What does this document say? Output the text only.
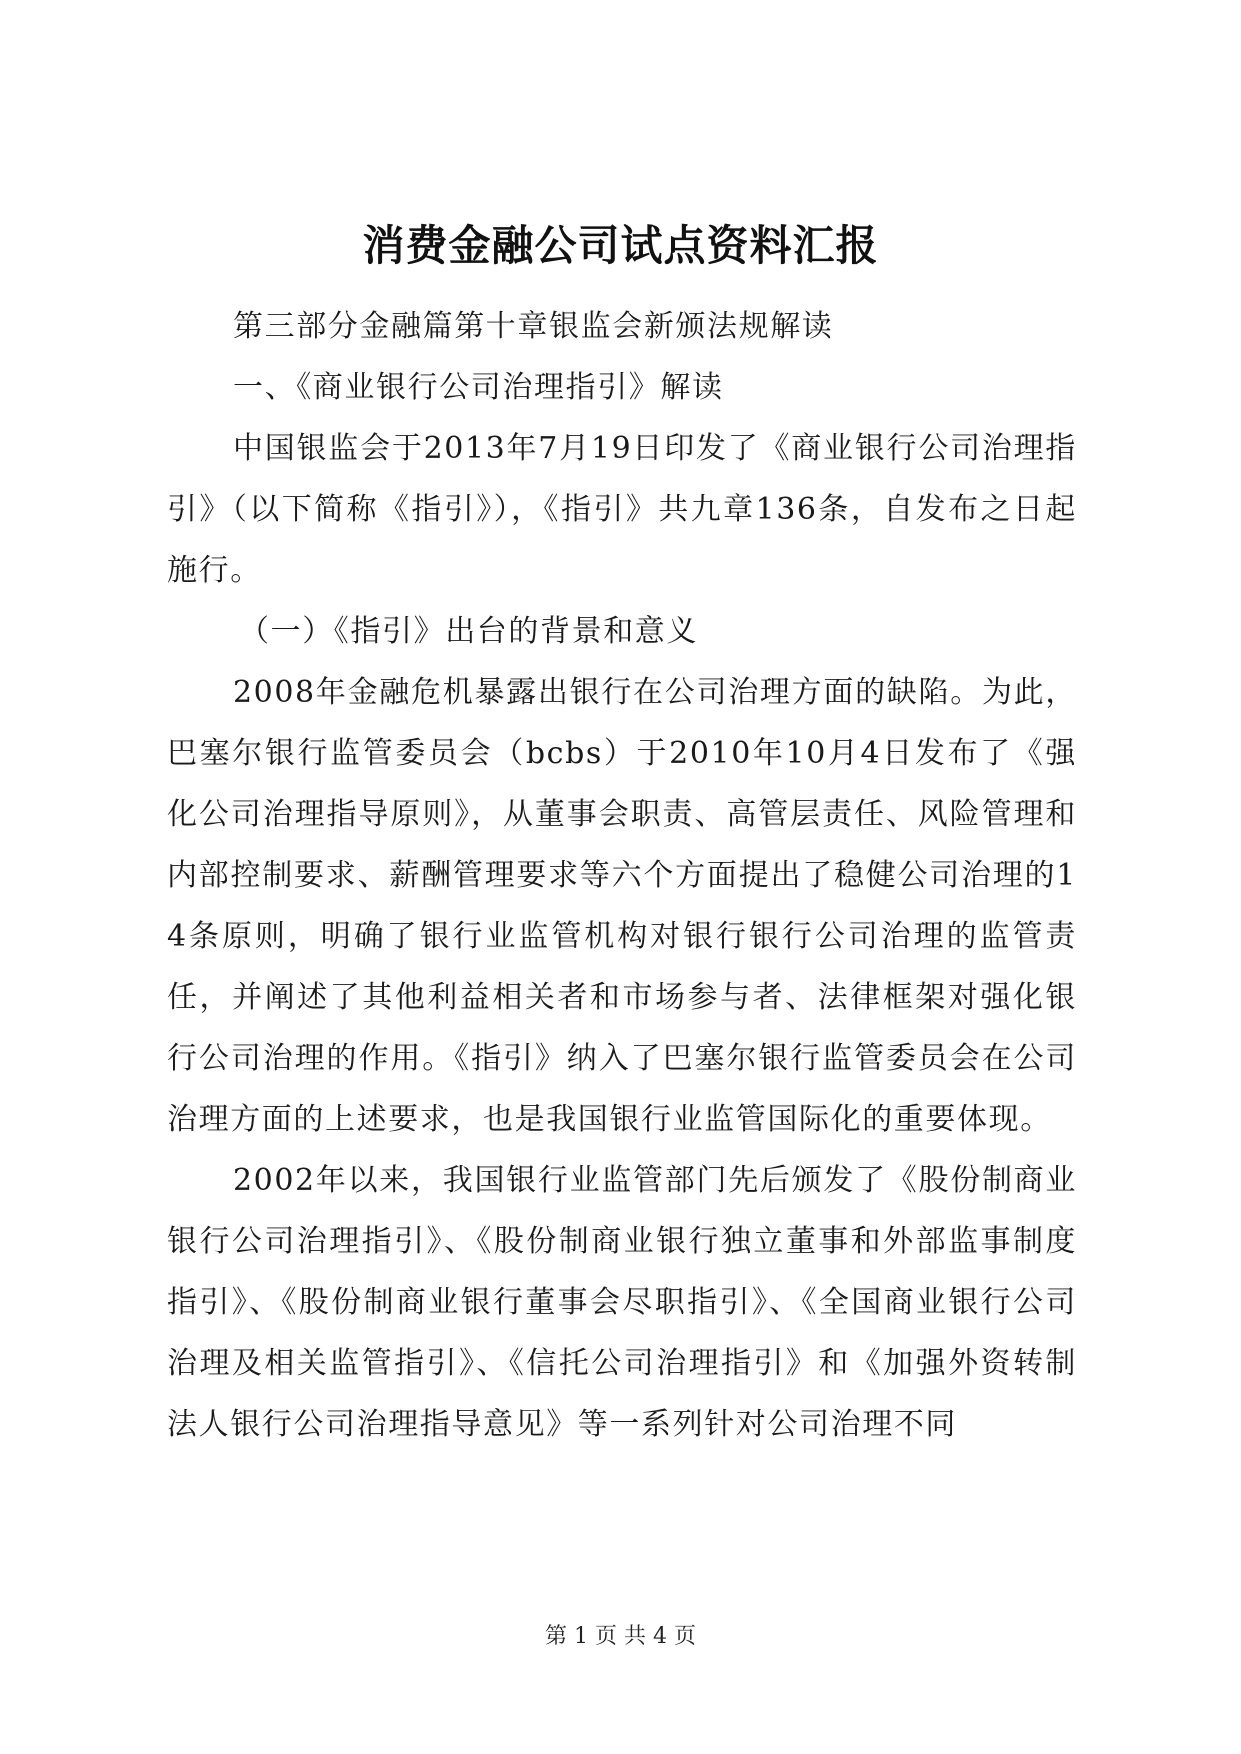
消费金融公司试点资料汇报

第三部分金融篇第十章银监会新颁法规解读

一、《商业银行公司治理指引》解读

中国银监会于2013年7月19日印发了《商业银行公司治理指引》（以下简称《指引》），《指引》共九章136条，自发布之日起施行。

（一）《指引》出台的背景和意义

2008年金融危机暴露出银行在公司治理方面的缺陷。为此，巴塞尔银行监管委员会（bcbs）于2010年10月4日发布了《强化公司治理指导原则》，从董事会职责、高管层责任、风险管理和内部控制要求、薪酬管理要求等六个方面提出了稳健公司治理的14条原则，明确了银行业监管机构对银行银行公司治理的监管责任，并阐述了其他利益相关者和市场参与者、法律框架对强化银行公司治理的作用。《指引》纳入了巴塞尔银行监管委员会在公司治理方面的上述要求，也是我国银行业监管国际化的重要体现。

2002年以来，我国银行业监管部门先后颁发了《股份制商业银行公司治理指引》、《股份制商业银行独立董事和外部监事制度指引》、《股份制商业银行董事会尽职指引》、《全国商业银行公司治理及相关监管指引》、《信托公司治理指引》和《加强外资转制法人银行公司治理指导意见》等一系列针对公司治理不同

第 1 页 共 4 页
